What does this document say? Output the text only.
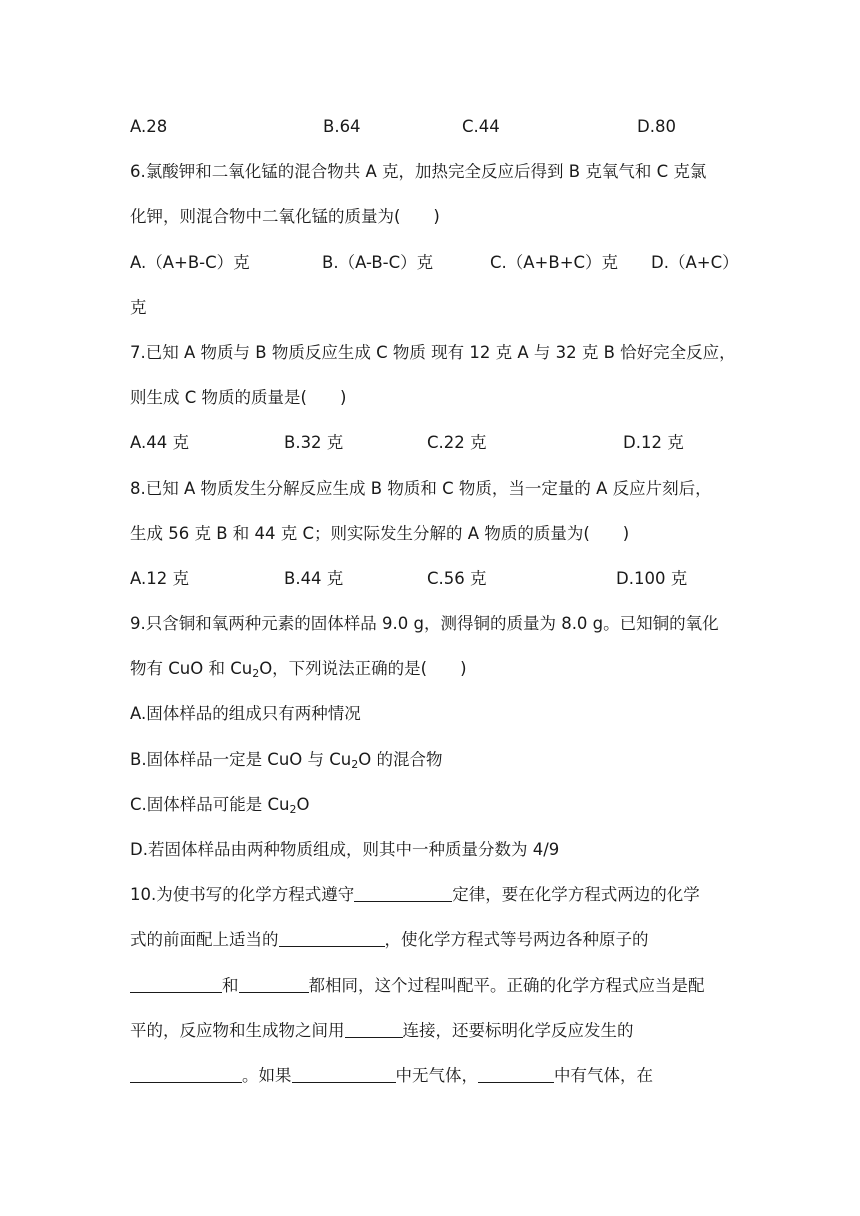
A.28	B.64	C.44	D.80
6.氯酸钾和二氧化锰的混合物共 A 克，加热完全反应后得到 B 克氧气和 C 克氯
化钾，则混合物中二氧化锰的质量为(　　)
A.（A+B-C）克	B.（A-B-C）克	C.（A+B+C）克 D.（A+C）
克
7.已知 A 物质与 B 物质反应生成 C 物质 现有 12 克 A 与 32 克 B 恰好完全反应，
则生成 C 物质的质量是(　　)
A.44 克	B.32 克	C.22 克	D.12 克
8.已知 A 物质发生分解反应生成 B 物质和 C 物质，当一定量的 A 反应片刻后，
生成 56 克 B 和 44 克 C；则实际发生分解的 A 物质的质量为(　　)
A.12 克	B.44 克	C.56 克	D.100 克
9.只含铜和氧两种元素的固体样品 9.0 g，测得铜的质量为 8.0 g。已知铜的氧化
物有 CuO 和 $Cu_2O$，下列说法正确的是(　　)
A.固体样品的组成只有两种情况
B.固体样品一定是 CuO 与 $Cu_2O$ 的混合物
C.固体样品可能是 $Cu_2O$
D.若固体样品由两种物质组成，则其中一种质量分数为 4/9
10.为使书写的化学方程式遵守	定律，要在化学方程式两边的化学
式的前面配上适当的	，使化学方程式等号两边各种原子的
和	都相同，这个过程叫配平。正确的化学方程式应当是配
平的，反应物和生成物之间用	连接，还要标明化学反应发生的
。如果	中无气体，	中有气体，在
